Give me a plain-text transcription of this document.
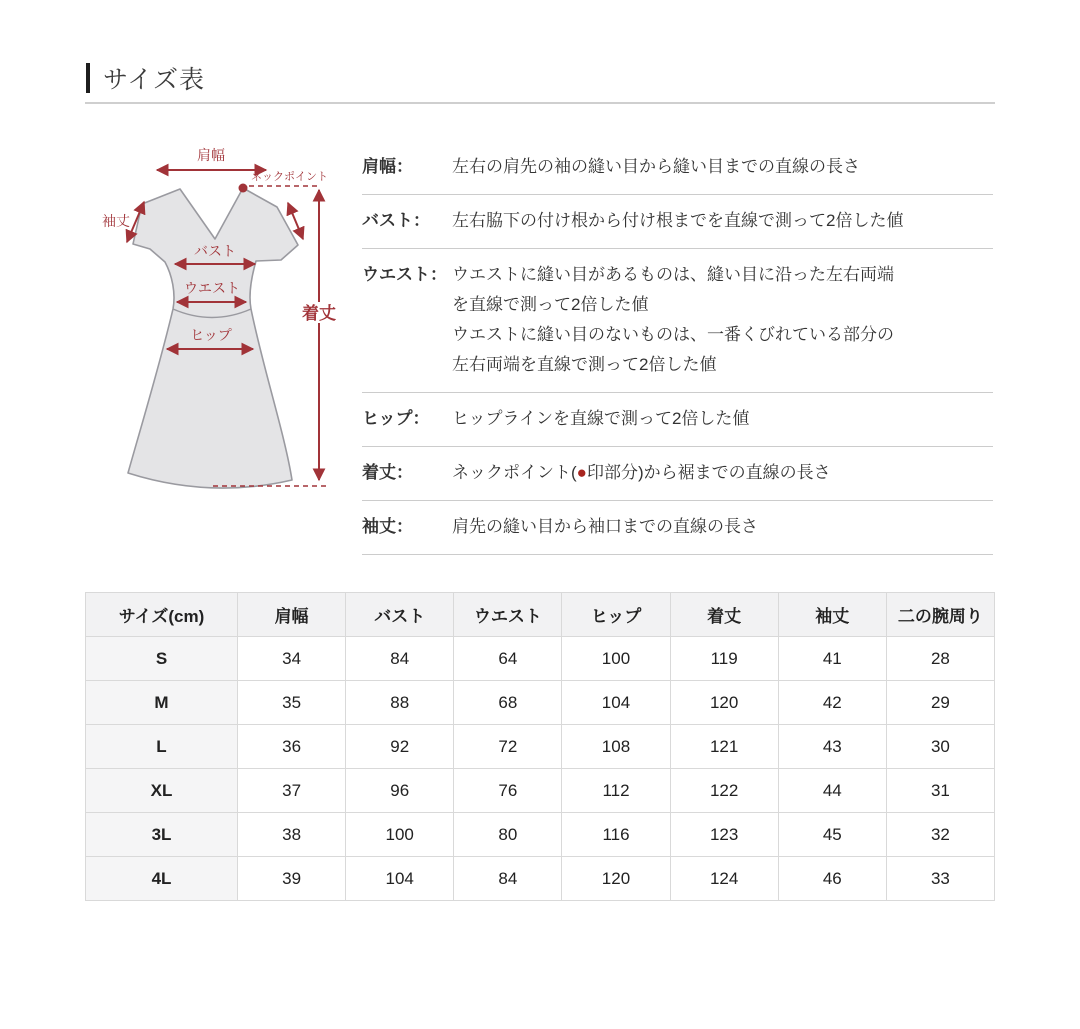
サイズ表
肩幅
ネックポイント
袖丈
バスト
ウエスト
ヒップ
着丈
肩幅：	左右の肩先の袖の縫い目から縫い目までの直線の長さ
バスト：	左右脇下の付け根から付け根までを直線で測って2倍した値
ウエスト： ウエストに縫い目があるものは、縫い目に沿った左右両端
を直線で測って2倍した値
ウエストに縫い目のないものは、一番くびれている部分の
左右両端を直線で測って2倍した値
ヒップ：	ヒップラインを直線で測って2倍した値
着丈：	ネックポイント(●印部分)から裾までの直線の長さ
袖丈：	肩先の縫い目から袖口までの直線の長さ
サイズ(cm)	肩幅	バスト	ウエスト	ヒップ	着丈	袖丈	二の腕周り
S	34	84	64	100	119	41	28
M	35	88	68	104	120	42	29
L	36	92	72	108	121	43	30
XL	37	96	76	112	122	44	31
3L	38	100	80	116	123	45	32
4L	39	104	84	120	124	46	33
